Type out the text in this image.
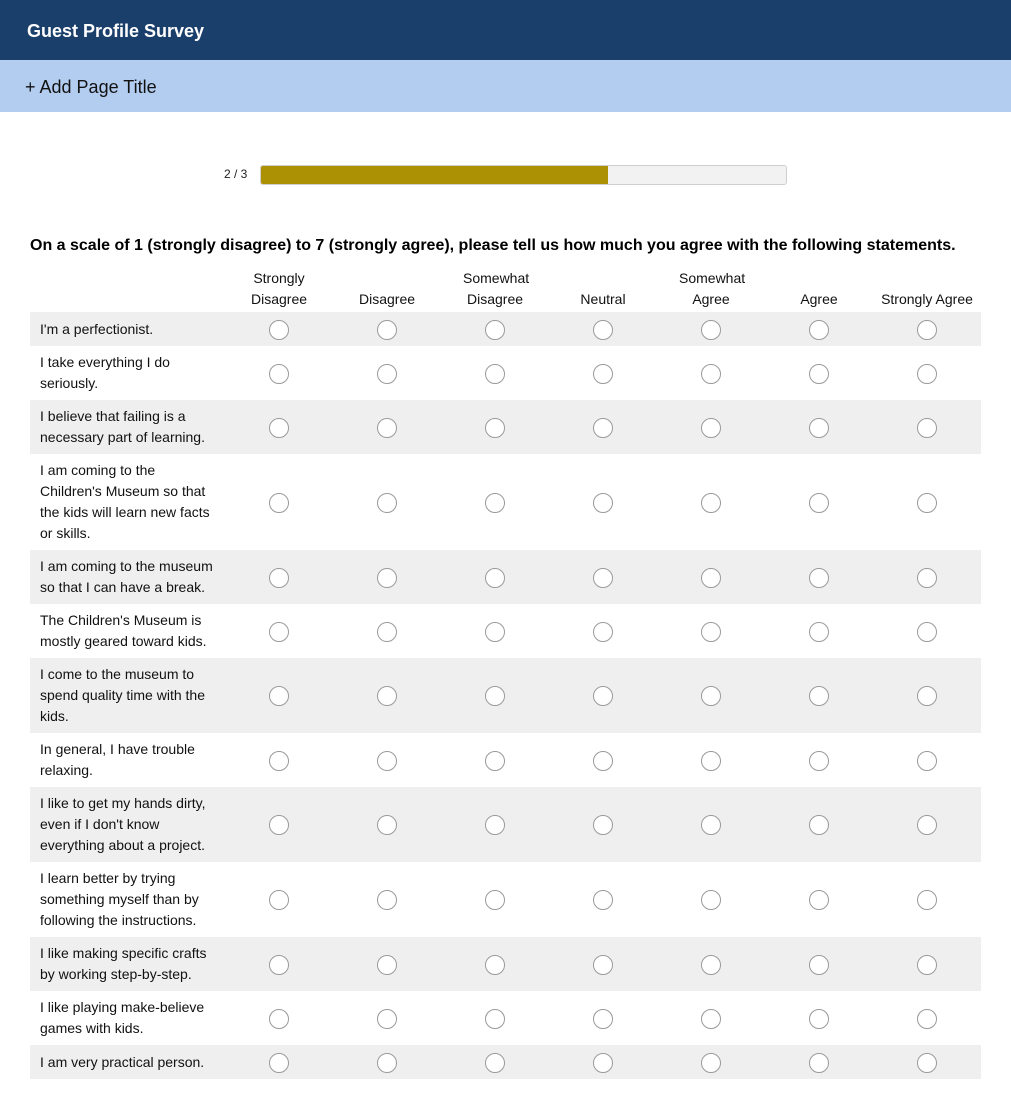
Guest Profile Survey
+ Add Page Title
2 / 3
On a scale of 1 (strongly disagree) to 7 (strongly agree), please tell us how much you agree with the following statements.
	Strongly Disagree	Disagree	Somewhat Disagree	Neutral	Somewhat Agree	Agree	Strongly Agree
I'm a perfectionist.							
I take everything I do seriously.							
I believe that failing is a necessary part of learning.							
I am coming to the Children's Museum so that the kids will learn new facts or skills.							
I am coming to the museum so that I can have a break.							
The Children's Museum is mostly geared toward kids.							
I come to the museum to spend quality time with the kids.							
In general, I have trouble relaxing.							
I like to get my hands dirty, even if I don't know everything about a project.							
I learn better by trying something myself than by following the instructions.							
I like making specific crafts by working step-by-step.							
I like playing make-believe games with kids.							
I am very practical person.							
